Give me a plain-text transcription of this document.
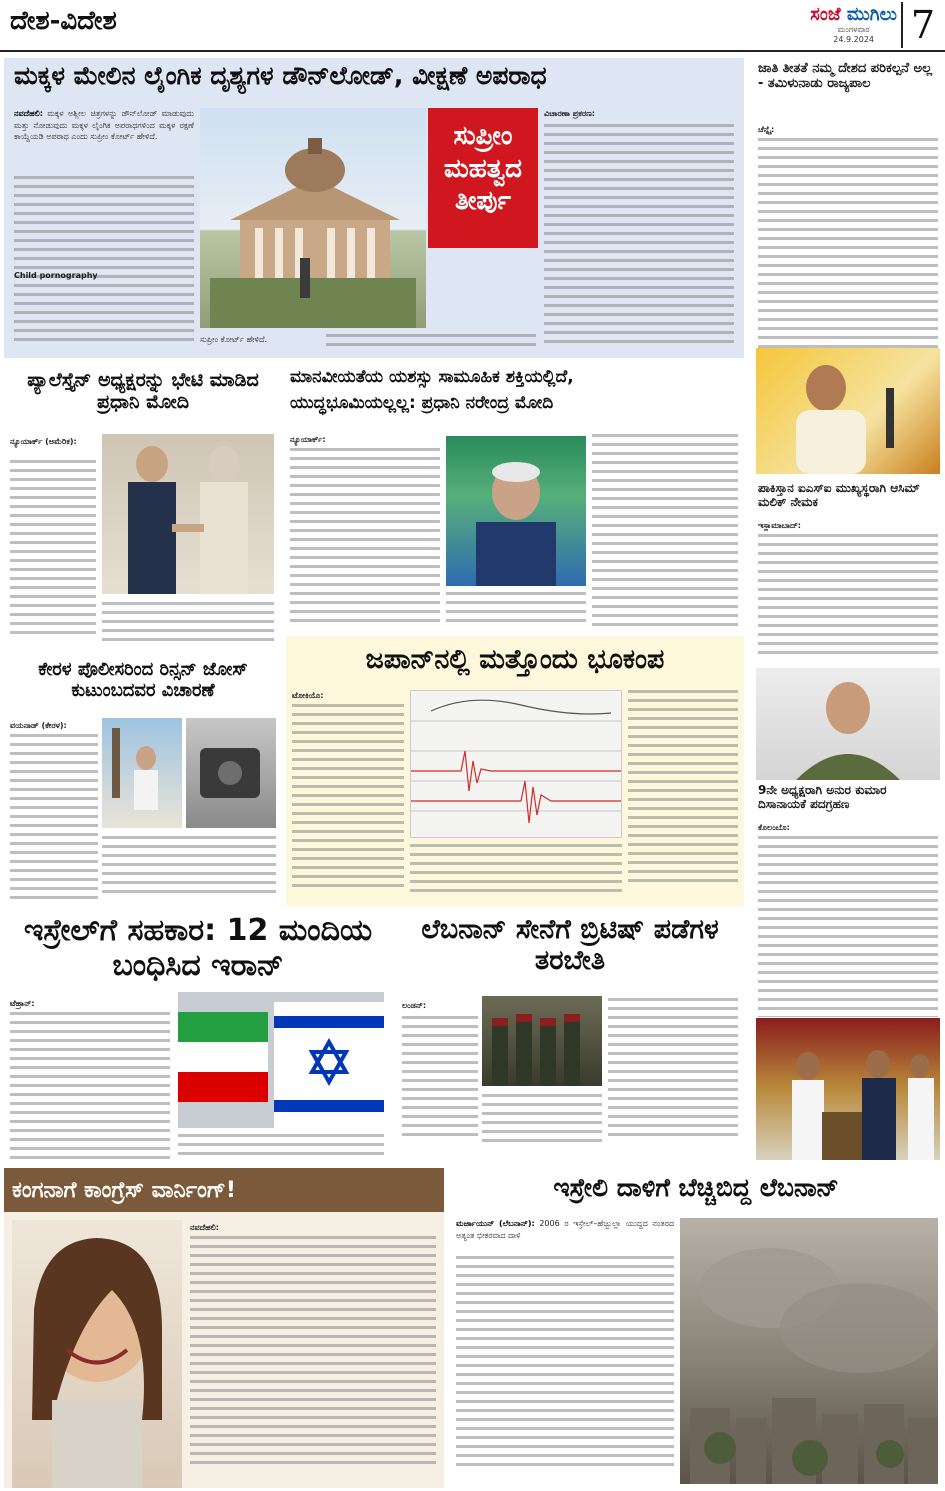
ದೇಶ-ವಿದೇಶ	ಸಂಜೆ ಮುಗಿಲು
ಮಂಗಳವಾರ
24.9.2024 7
ಮಕ್ಕಳ ಮೇಲಿನ ಲೈಂಗಿಕ ದೃಶ್ಯಗಳ ಡೌನ್‌ಲೋಡ್, ವೀಕ್ಷಣೆ ಅಪರಾಧ
ನವದೆಹಲಿ: ಮಕ್ಕಳ ಅಶ್ಲೀಲ ಚಿತ್ರಗಳನ್ನು ಡೌನ್‌ಲೋಡ್ ಮಾಡುವುದು ಮತ್ತು ನೋಡುವುದು ಮಕ್ಕಳ ಲೈಂಗಿಕ ಅಪರಾಧಗಳಿಂದ ಮಕ್ಕಳ ರಕ್ಷಣೆ ಕಾಯ್ದೆಯಡಿ ಅಪರಾಧ ಎಂದು ಸುಪ್ರೀಂ ಕೋರ್ಟ್ ಹೇಳಿದೆ.
Child pornography
ಸುಪ್ರೀಂ
ಮಹತ್ವದ
ತೀರ್ಪು
ಸುಪ್ರೀಂ ಕೋರ್ಟ್ ಹೇಳಿದೆ.
ವಿಚಾರಣಾ ಪ್ರಕರಣ:
ಜಾತಿ ತೀತತೆ ನಮ್ಮ ದೇಶದ ಪರಿಕಲ್ಪನೆ ಅಲ್ಲ - ತಮಿಳುನಾಡು ರಾಜ್ಯಪಾಲ
ಚೆನ್ನೈ:
ಪಾಕಿಸ್ತಾನ ಐಎಸ್‌ಐ ಮುಖ್ಯಸ್ಥರಾಗಿ ಆಸಿಮ್ ಮಲಿಕ್ ನೇಮಕ
ಇಸ್ಲಾಮಾಬಾದ್:
9ನೇ ಅಧ್ಯಕ್ಷರಾಗಿ ಅನುರ ಕುಮಾರ ದಿಸಾನಾಯಕೆ ಪದಗ್ರಹಣ
ಕೊಲಂಬೊ:
ಪ್ಯಾಲೆಸ್ತೈನ್ ಅಧ್ಯಕ್ಷರನ್ನು ಭೇಟಿ ಮಾಡಿದ ಪ್ರಧಾನಿ ಮೋದಿ
ನ್ಯೂಯಾರ್ಕ್ (ಅಮೆರಿಕ):
ಮಾನವೀಯತೆಯ ಯಶಸ್ಸು ಸಾಮೂಹಿಕ ಶಕ್ತಿಯಲ್ಲಿದೆ,
ಯುದ್ಧಭೂಮಿಯಲ್ಲಲ್ಲ: ಪ್ರಧಾನಿ ನರೇಂದ್ರ ಮೋದಿ
ನ್ಯೂಯಾರ್ಕ್:
ಕೇರಳ ಪೊಲೀಸರಿಂದ ರಿನ್ಸನ್ ಜೋಸ್ ಕುಟುಂಬದವರ ವಿಚಾರಣೆ
ವಯನಾಡ್ (ಕೇರಳ):
ಜಪಾನ್‌ನಲ್ಲಿ ಮತ್ತೊಂದು ಭೂಕಂಪ
ಟೋಕಿಯೊ:
ಇಸ್ರೇಲ್‌ಗೆ ಸಹಕಾರ: 12 ಮಂದಿಯ ಬಂಧಿಸಿದ ಇರಾನ್
ಟೆಹ್ರಾನ್:
ಲೆಬನಾನ್ ಸೇನೆಗೆ ಬ್ರಿಟಿಷ್ ಪಡೆಗಳ ತರಬೇತಿ
ಲಂಡನ್:
ಕಂಗನಾಗೆ ಕಾಂಗ್ರೆಸ್ ವಾರ್ನಿಂಗ್!
ನವದೆಹಲಿ:
ಇಸ್ರೇಲಿ ದಾಳಿಗೆ ಬೆಚ್ಚಿಬಿದ್ದ ಲೆಬನಾನ್
ಮರ್ಜಾಯುನ್ (ಲೆಬನಾನ್): 2006 ರ ಇಸ್ರೇಲ್–ಹೆಜ್ಬುಲ್ಲಾ ಯುದ್ಧದ ನಂತರದ ಅತ್ಯಂತ ಭೀಕರವಾದ ದಾಳಿ
